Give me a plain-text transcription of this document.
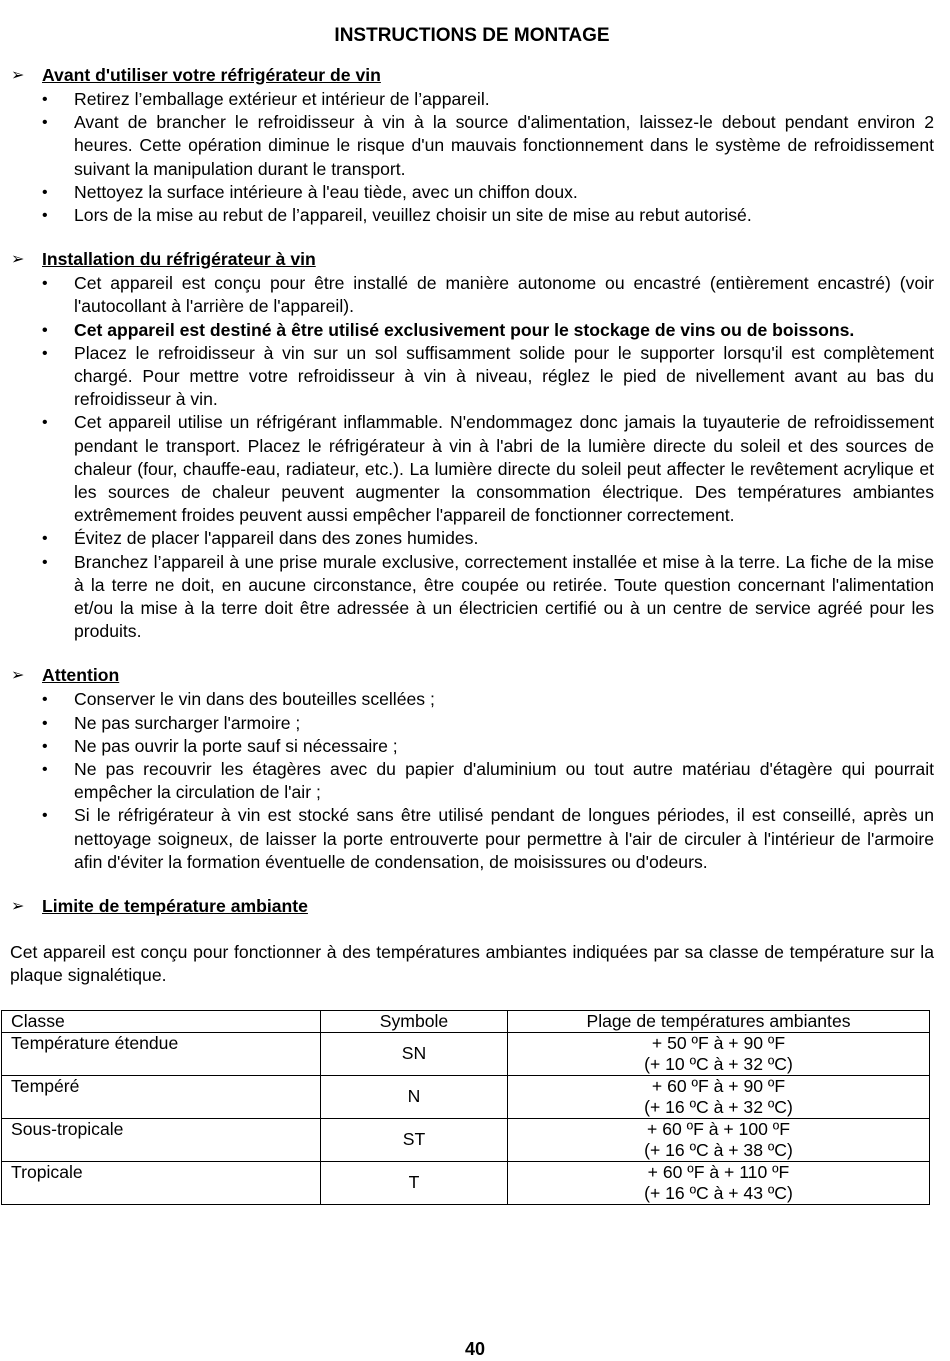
INSTRUCTIONS DE MONTAGE
➢ Avant d'utiliser votre réfrigérateur de vin
• Retirez l’emballage extérieur et intérieur de l’appareil.
• Avant de brancher le refroidisseur à vin à la source d'alimentation, laissez-le debout pendant environ 2 heures. Cette opération diminue le risque d'un mauvais fonctionnement dans le système de refroidissement suivant la manipulation durant le transport.
• Nettoyez la surface intérieure à l'eau tiède, avec un chiffon doux.
• Lors de la mise au rebut de l’appareil, veuillez choisir un site de mise au rebut autorisé.
➢ Installation du réfrigérateur à vin
• Cet appareil est conçu pour être installé de manière autonome ou encastré (entièrement encastré) (voir l'autocollant à l'arrière de l'appareil).
• Cet appareil est destiné à être utilisé exclusivement pour le stockage de vins ou de boissons.
• Placez le refroidisseur à vin sur un sol suffisamment solide pour le supporter lorsqu'il est complètement chargé. Pour mettre votre refroidisseur à vin à niveau, réglez le pied de nivellement avant au bas du refroidisseur à vin.
• Cet appareil utilise un réfrigérant inflammable. N'endommagez donc jamais la tuyauterie de refroidissement pendant le transport. Placez le réfrigérateur à vin à l'abri de la lumière directe du soleil et des sources de chaleur (four, chauffe-eau, radiateur, etc.). La lumière directe du soleil peut affecter le revêtement acrylique et les sources de chaleur peuvent augmenter la consommation électrique. Des températures ambiantes extrêmement froides peuvent aussi empêcher l'appareil de fonctionner correctement.
• Évitez de placer l'appareil dans des zones humides.
• Branchez l’appareil à une prise murale exclusive, correctement installée et mise à la terre. La fiche de la mise à la terre ne doit, en aucune circonstance, être coupée ou retirée. Toute question concernant l'alimentation et/ou la mise à la terre doit être adressée à un électricien certifié ou à un centre de service agréé pour les produits.
➢ Attention
• Conserver le vin dans des bouteilles scellées ;
• Ne pas surcharger l'armoire ;
• Ne pas ouvrir la porte sauf si nécessaire ;
• Ne pas recouvrir les étagères avec du papier d'aluminium ou tout autre matériau d'étagère qui pourrait empêcher la circulation de l'air ;
• Si le réfrigérateur à vin est stocké sans être utilisé pendant de longues périodes, il est conseillé, après un nettoyage soigneux, de laisser la porte entrouverte pour permettre à l'air de circuler à l'intérieur de l'armoire afin d'éviter la formation éventuelle de condensation, de moisissures ou d'odeurs.
➢ Limite de température ambiante

Cet appareil est conçu pour fonctionner à des températures ambiantes indiquées par sa classe de température sur la plaque signalétique.

Classe	Symbole	Plage de températures ambiantes
Température étendue	SN	+ 50 ºF à + 90 ºF
(+ 10 ºC à + 32 ºC)

Tempéré	N	+ 60 ºF à + 90 ºF
(+ 16 ºC à + 32 ºC)

Sous-tropicale	ST	+ 60 ºF à + 100 ºF
(+ 16 ºC à + 38 ºC)

Tropicale	T	+ 60 ºF à + 110 ºF
(+ 16 ºC à + 43 ºC)
40
